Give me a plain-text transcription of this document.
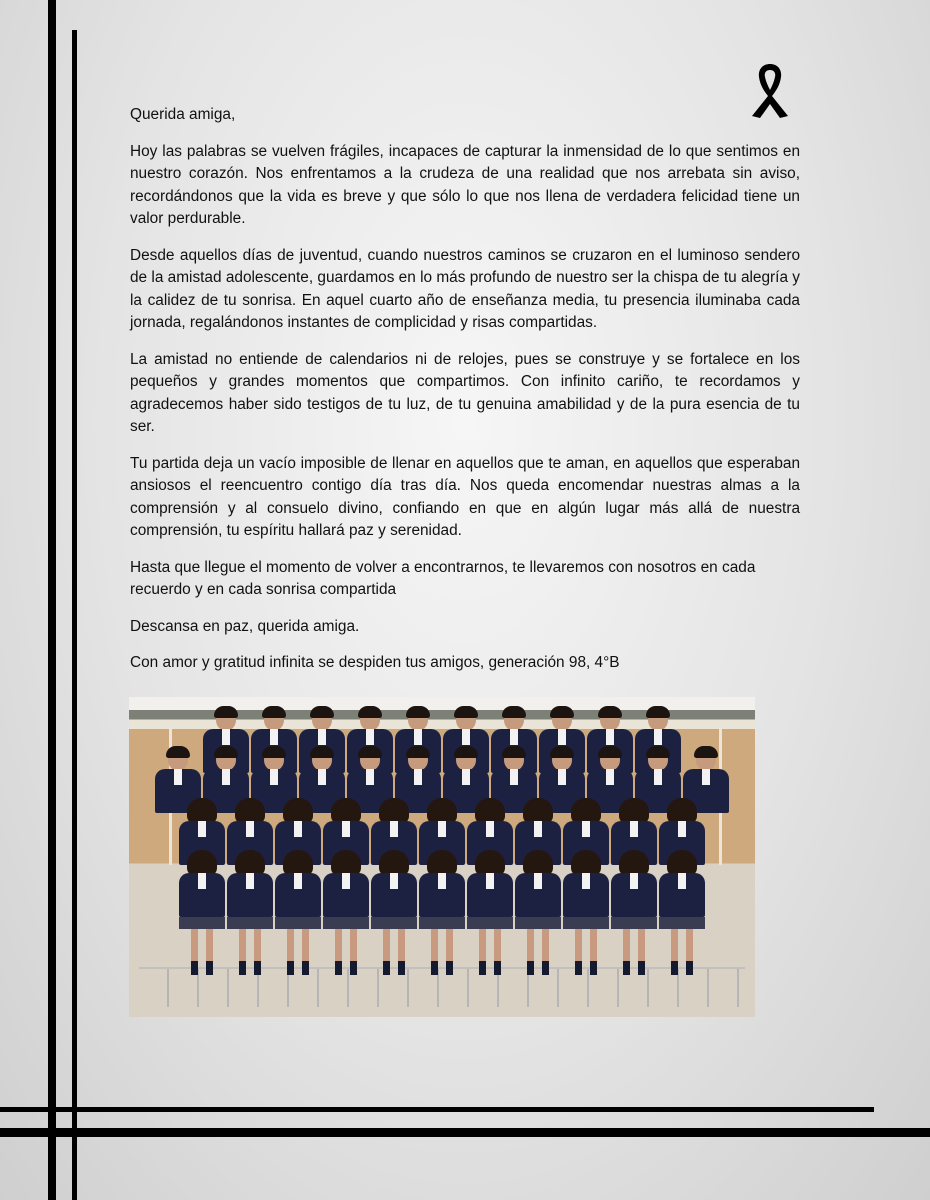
Querida amiga,

Hoy las palabras se vuelven frágiles, incapaces de capturar la inmensidad de lo que sentimos en nuestro corazón. Nos enfrentamos a la crudeza de una realidad que nos arrebata sin aviso, recordándonos que la vida es breve y que sólo lo que nos llena de verdadera felicidad tiene un valor perdurable.

Desde aquellos días de juventud, cuando nuestros caminos se cruzaron en el luminoso sendero de la amistad adolescente, guardamos en lo más profundo de nuestro ser la chispa de tu alegría y la calidez de tu sonrisa. En aquel cuarto año de enseñanza media, tu presencia iluminaba cada jornada, regalándonos instantes de complicidad y risas compartidas.

La amistad no entiende de calendarios ni de relojes, pues se construye y se fortalece en los pequeños y grandes momentos que compartimos. Con infinito cariño, te recordamos y agradecemos haber sido testigos de tu luz, de tu genuina amabilidad y de la pura esencia de tu ser.

Tu partida deja un vacío imposible de llenar en aquellos que te aman, en aquellos que esperaban ansiosos el reencuentro contigo día tras día. Nos queda encomendar nuestras almas a la comprensión y al consuelo divino, confiando en que en algún lugar más allá de nuestra comprensión, tu espíritu hallará paz y serenidad.

Hasta que llegue el momento de volver a encontrarnos, te llevaremos con nosotros en cada recuerdo y en cada sonrisa compartida

Descansa en paz, querida amiga.

Con amor y gratitud infinita se despiden tus amigos, generación 98, 4°B
